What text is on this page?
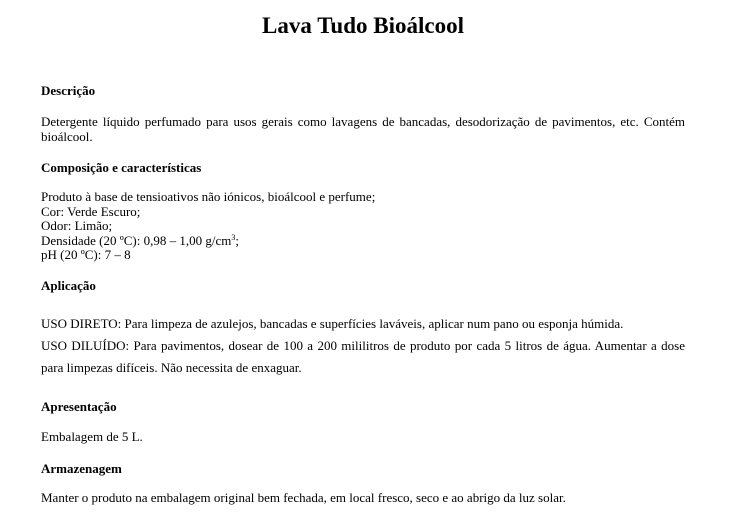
Lava Tudo Bioálcool
Descrição
Detergente líquido perfumado para usos gerais como lavagens de bancadas, desodorização de pavimentos, etc. Contém bioálcool.
Composição e características
Produto à base de tensioativos não iónicos, bioálcool e perfume;
Cor: Verde Escuro;
Odor: Limão;
Densidade (20 ºC): 0,98 – 1,00 $g/cm^3$;
pH (20 ºC): 7 – 8
Aplicação
USO DIRETO: Para limpeza de azulejos, bancadas e superfícies laváveis, aplicar num pano ou esponja húmida.
USO DILUÍDO: Para pavimentos, dosear de 100 a 200 mililitros de produto por cada 5 litros de água. Aumentar a dose para limpezas difíceis. Não necessita de enxaguar.
Apresentação
Embalagem de 5 L.
Armazenagem
Manter o produto na embalagem original bem fechada, em local fresco, seco e ao abrigo da luz solar.
